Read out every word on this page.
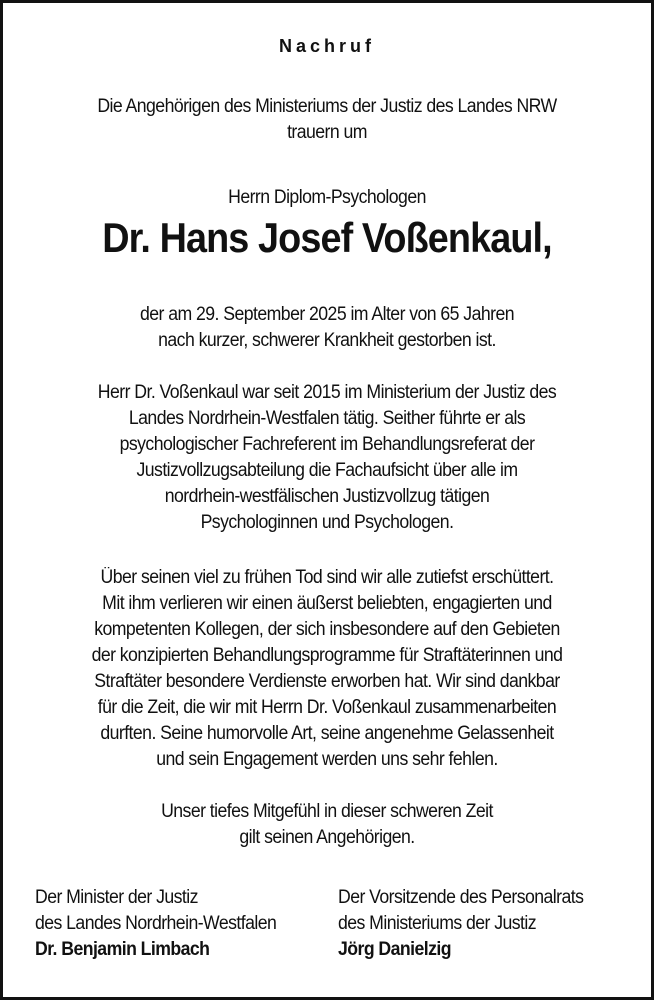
Nachruf
Die Angehörigen des Ministeriums der Justiz des Landes NRW
trauern um
Herrn Diplom-Psychologen
Dr. Hans Josef Voßenkaul,
der am 29. September 2025 im Alter von 65 Jahren
nach kurzer, schwerer Krankheit gestorben ist.
Herr Dr. Voßenkaul war seit 2015 im Ministerium der Justiz des
Landes Nordrhein-Westfalen tätig. Seither führte er als
psychologischer Fachreferent im Behandlungsreferat der
Justizvollzugsabteilung die Fachaufsicht über alle im
nordrhein-westfälischen Justizvollzug tätigen
Psychologinnen und Psychologen.
Über seinen viel zu frühen Tod sind wir alle zutiefst erschüttert.
Mit ihm verlieren wir einen äußerst beliebten, engagierten und
kompetenten Kollegen, der sich insbesondere auf den Gebieten
der konzipierten Behandlungsprogramme für Straftäterinnen und
Straftäter besondere Verdienste erworben hat. Wir sind dankbar
für die Zeit, die wir mit Herrn Dr. Voßenkaul zusammenarbeiten
durften. Seine humorvolle Art, seine angenehme Gelassenheit
und sein Engagement werden uns sehr fehlen.
Unser tiefes Mitgefühl in dieser schweren Zeit
gilt seinen Angehörigen.
Der Minister der Justiz
des Landes Nordrhein-Westfalen
Dr. Benjamin Limbach
Der Vorsitzende des Personalrats
des Ministeriums der Justiz
Jörg Danielzig
